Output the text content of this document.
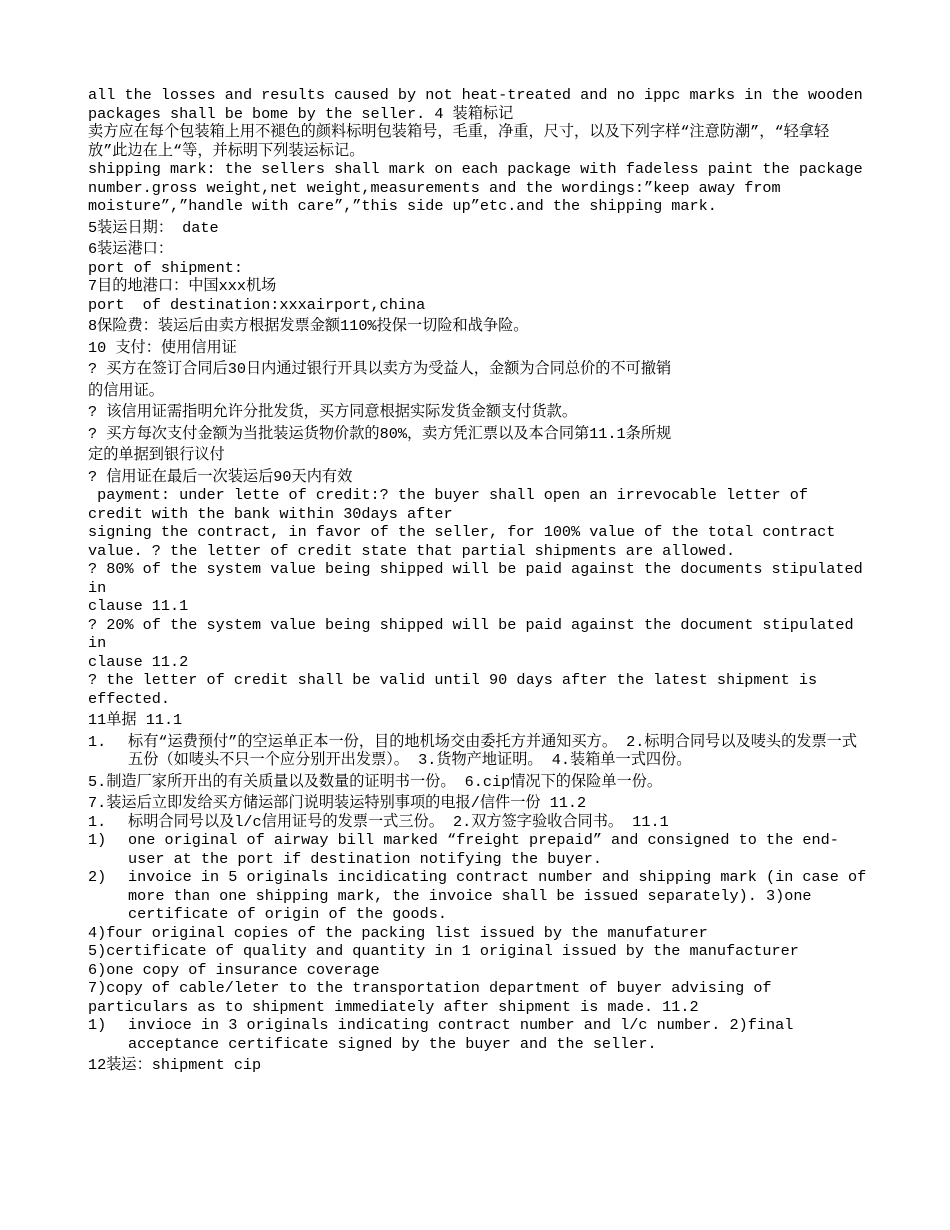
all the losses and results caused by not heat-treated and no ippc marks in the wooden packages shall be bome by the seller. 4 装箱标记
卖方应在每个包装箱上用不褪色的颜料标明包装箱号，毛重，净重，尺寸，以及下列字样“注意防潮”，“轻拿轻放”此边在上“等，并标明下列装运标记。
shipping mark: the sellers shall mark on each package with fadeless paint the package number.gross weight,net weight,measurements and the wordings:”keep away from moisture”,”handle with care”,”this side up”etc.and the shipping mark.
5装运日期： date
6装运港口：
port of shipment:
7目的地港口：中国xxx机场
port  of destination:xxxairport,china
8保险费：装运后由卖方根据发票金额110%投保一切险和战争险。
10 支付：使用信用证
? 买方在签订合同后30日内通过银行开具以卖方为受益人，金额为合同总价的不可撤销
的信用证。
? 该信用证需指明允许分批发货，买方同意根据实际发货金额支付货款。
? 买方每次支付金额为当批装运货物价款的80%，卖方凭汇票以及本合同第11.1条所规
定的单据到银行议付
? 信用证在最后一次装运后90天内有效
payment: under lette of credit:? the buyer shall open an irrevocable letter of credit with the bank within 30days after
signing the contract, in favor of the seller, for 100% value of the total contract value. ? the letter of credit state that partial shipments are allowed.
? 80% of the system value being shipped will be paid against the documents stipulated in
clause 11.1
? 20% of the system value being shipped will be paid against the document stipulated in
clause 11.2
? the letter of credit shall be valid until 90 days after the latest shipment is effected.
11单据 11.1
1.	标有“运费预付”的空运单正本一份，目的地机场交由委托方并通知买方。 2.标明合同号以及唛头的发票一式五份（如唛头不只一个应分别开出发票）。 3.货物产地证明。 4.装箱单一式四份。
5.制造厂家所开出的有关质量以及数量的证明书一份。 6.cip情况下的保险单一份。
7.装运后立即发给买方储运部门说明装运特别事项的电报/信件一份 11.2
1.	标明合同号以及l/c信用证号的发票一式三份。 2.双方签字验收合同书。 11.1
1)	one original of airway bill marked “freight prepaid” and consigned to the end-user at the port if destination notifying the buyer.
2)	invoice in 5 originals incidicating contract number and shipping mark (in case of more than one shipping mark, the invoice shall be issued separately). 3)one certificate of origin of the goods.
4)four original copies of the packing list issued by the manufaturer
5)certificate of quality and quantity in 1 original issued by the manufacturer
6)one copy of insurance coverage
7)copy of cable/leter to the transportation department of buyer advising of particulars as to shipment immediately after shipment is made. 11.2
1)	invioce in 3 originals indicating contract number and l/c number. 2)final acceptance certificate signed by the buyer and the seller.
12装运：shipment cip
